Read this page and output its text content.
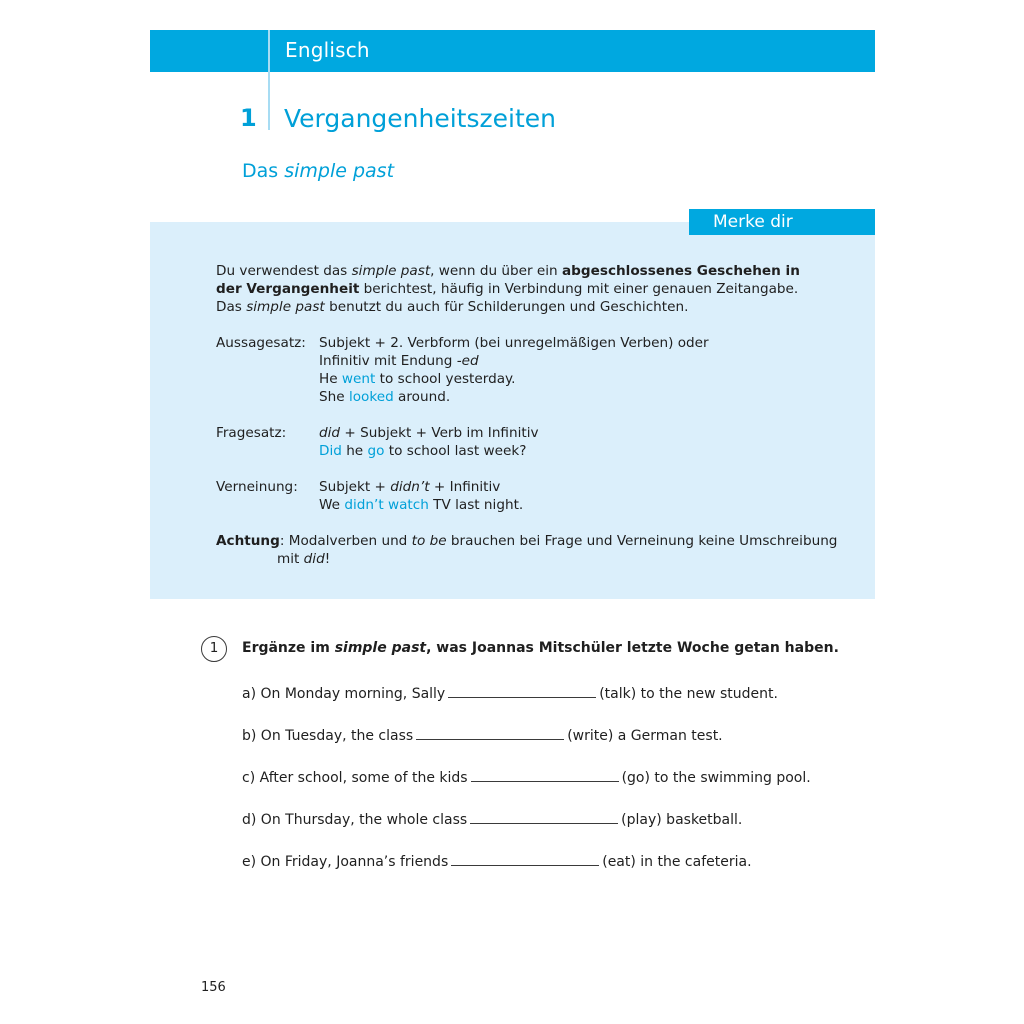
Englisch
1 Vergangenheitszeiten
Das simple past
Du verwendest das simple past, wenn du über ein abgeschlossenes Geschehen in
der Vergangenheit berichtest, häufig in Verbindung mit einer genauen Zeitangabe.
Das simple past benutzt du auch für Schilderungen und Geschichten.
Aussagesatz: Subjekt + 2. Verbform (bei unregelmäßigen Verben) oder
Infinitiv mit Endung -ed
He went to school yesterday.
She looked around.
Fragesatz: did + Subjekt + Verb im Infinitiv
Did he go to school last week?
Verneinung: Subjekt + didn’t + Infinitiv
We didn’t watch TV last night.
Achtung: Modalverben und to be brauchen bei Frage und Verneinung keine Umschreibung
mit did!
Merke dir
1	Ergänze im simple past, was Joannas Mitschüler letzte Woche getan haben.
a) On Monday morning, Sally	(talk) to the new student.
b) On Tuesday, the class	(write) a German test.
c) After school, some of the kids	(go) to the swimming pool.
d) On Thursday, the whole class	(play) basketball.
e) On Friday, Joanna’s friends	(eat) in the cafeteria.
156
